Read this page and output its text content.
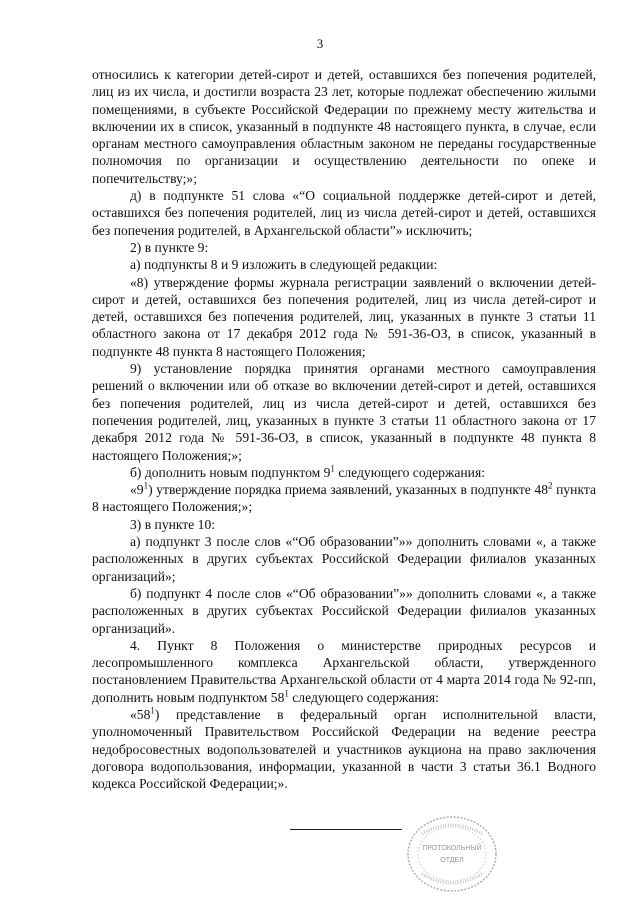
3

относились к категории детей-сирот и детей, оставшихся без попечения родителей, лиц из их числа, и достигли возраста 23 лет, которые подлежат обеспечению жилыми помещениями, в субъекте Российской Федерации по прежнему месту жительства и включении их в список, указанный в подпункте 48 настоящего пункта, в случае, если органам местного самоуправления областным законом не переданы государственные полномочия по организации и осуществлению деятельности по опеке и попечительству;»;

д) в подпункте 51 слова «“О социальной поддержке детей-сирот и детей, оставшихся без попечения родителей, лиц из числа детей-сирот и детей, оставшихся без попечения родителей, в Архангельской области”» исключить;

2) в пункте 9:

а) подпункты 8 и 9 изложить в следующей редакции:

«8) утверждение формы журнала регистрации заявлений о включении детей-сирот и детей, оставшихся без попечения родителей, лиц из числа детей-сирот и детей, оставшихся без попечения родителей, лиц, указанных в пункте 3 статьи 11 областного закона от 17 декабря 2012 года № 591-36-ОЗ, в список, указанный в подпункте 48 пункта 8 настоящего Положения;

9) установление порядка принятия органами местного самоуправления решений о включении или об отказе во включении детей-сирот и детей, оставшихся без попечения родителей, лиц из числа детей-сирот и детей, оставшихся без попечения родителей, лиц, указанных в пункте 3 статьи 11 областного закона от 17 декабря 2012 года № 591-36-ОЗ, в список, указанный в подпункте 48 пункта 8 настоящего Положения;»;

б) дополнить новым подпунктом $9^1$ следующего содержания:

«$9^1$) утверждение порядка приема заявлений, указанных в подпункте $48^2$ пункта 8 настоящего Положения;»;

3) в пункте 10:

а) подпункт 3 после слов «“Об образовании”»» дополнить словами «, а также расположенных в других субъектах Российской Федерации филиалов указанных организаций»;

б) подпункт 4 после слов «“Об образовании”»» дополнить словами «, а также расположенных в других субъектах Российской Федерации филиалов указанных организаций».

4. Пункт 8 Положения о министерстве природных ресурсов и лесопромышленного комплекса Архангельской области, утвержденного постановлением Правительства Архангельской области от 4 марта 2014 года № 92-пп, дополнить новым подпунктом $58^1$ следующего содержания:

«$58^1$) представление в федеральный орган исполнительной власти, уполномоченный Правительством Российской Федерации на ведение реестра недобросовестных водопользователей и участников аукциона на право заключения договора водопользования, информации, указанной в части 3 статьи 36.1 Водного кодекса Российской Федерации;».

ПРОТОКОЛЬНЫЙ
ОТДЕЛ
